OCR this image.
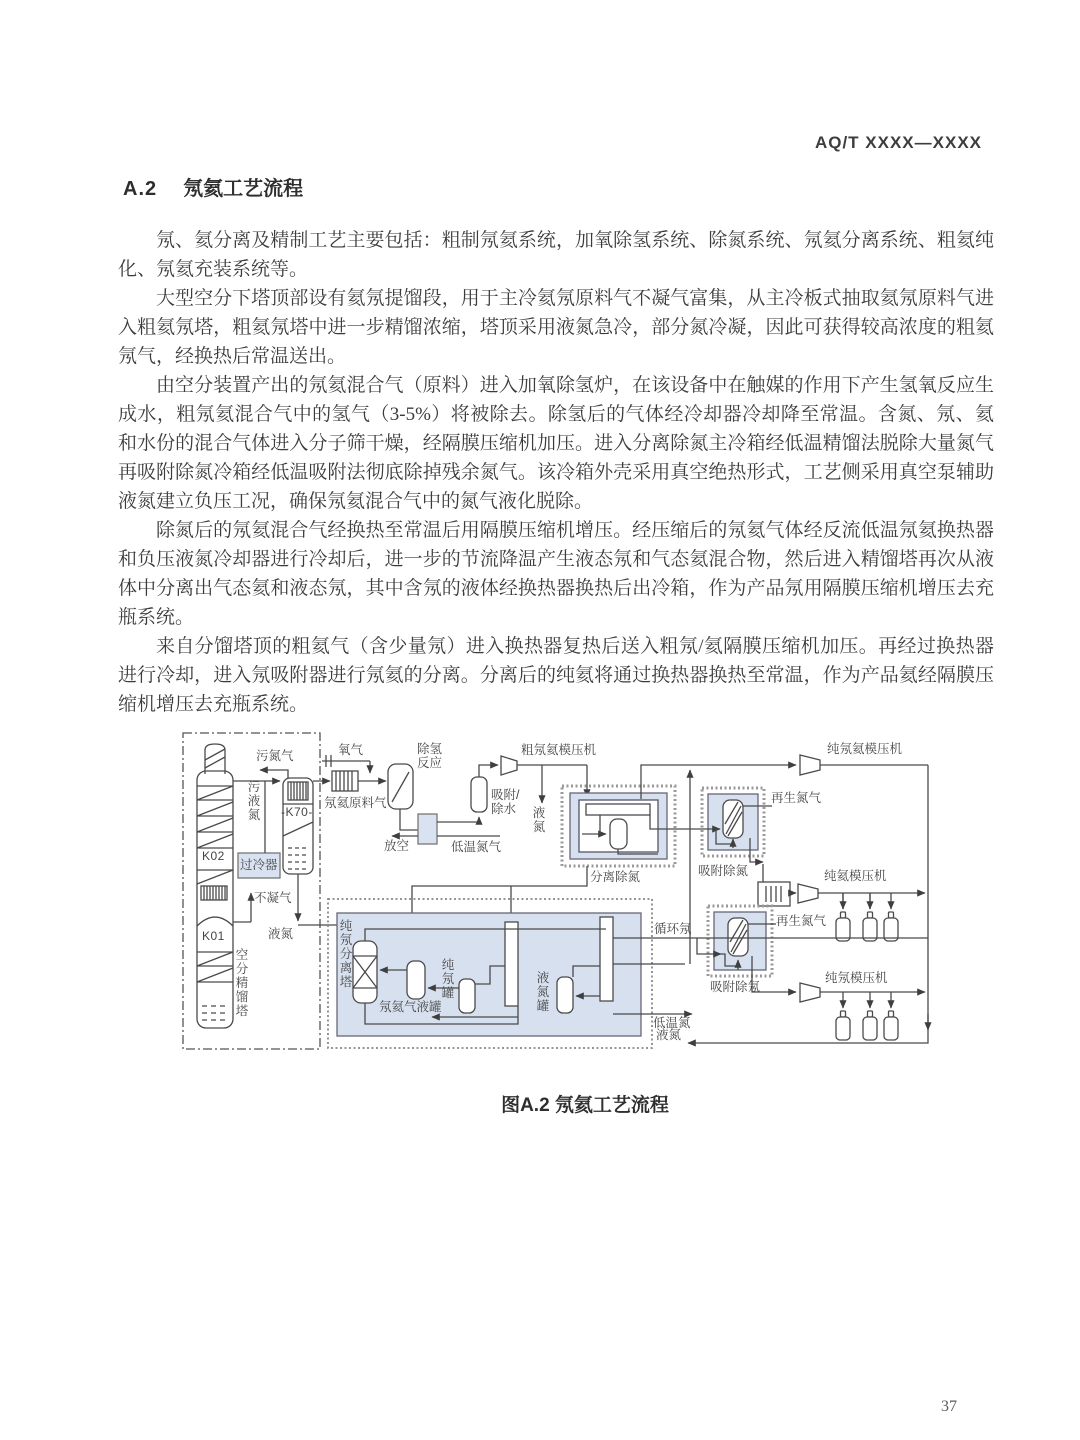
AQ/T XXXX—XXXX
A.2 氖氦工艺流程

氖、氦分离及精制工艺主要包括：粗制氖氦系统，加氧除氢系统、除氮系统、氖氦分离系统、粗氦纯化、氖氦充装系统等。

大型空分下塔顶部设有氦氖提馏段，用于主冷氦氖原料气不凝气富集，从主冷板式抽取氦氖原料气进入粗氦氖塔，粗氦氖塔中进一步精馏浓缩，塔顶采用液氮急冷，部分氮冷凝，因此可获得较高浓度的粗氦氖气，经换热后常温送出。

由空分装置产出的氖氦混合气（原料）进入加氧除氢炉，在该设备中在触媒的作用下产生氢氧反应生成水，粗氖氦混合气中的氢气（3-5%）将被除去。除氢后的气体经冷却器冷却降至常温。含氮、氖、氦和水份的混合气体进入分子筛干燥，经隔膜压缩机加压。进入分离除氮主冷箱经低温精馏法脱除大量氮气再吸附除氮冷箱经低温吸附法彻底除掉残余氮气。该冷箱外壳采用真空绝热形式，工艺侧采用真空泵辅助液氮建立负压工况，确保氖氦混合气中的氮气液化脱除。

除氮后的氖氦混合气经换热至常温后用隔膜压缩机增压。经压缩后的氖氦气体经反流低温氖氦换热器和负压液氮冷却器进行冷却后，进一步的节流降温产生液态氖和气态氦混合物，然后进入精馏塔再次从液体中分离出气态氦和液态氖，其中含氖的液体经换热器换热后出冷箱，作为产品氖用隔膜压缩机增压去充瓶系统。

来自分馏塔顶的粗氦气（含少量氖）进入换热器复热后送入粗氖/氦隔膜压缩机加压。再经过换热器进行冷却，进入氖吸附器进行氖氦的分离。分离后的纯氦将通过换热器换热至常温，作为产品氦经隔膜压缩机增压去充瓶系统。

污氮气
污液氮 -K70-
K02
K01
过冷器
不凝气
液氮
空分精馏塔
氧气
氖氦原料气
除氢反应
放空	低温氮气
吸附/除水
粗氖氦模压机
液氮
分离除氮	吸附除氮
再生氮气
纯氖氦模压机
纯氦模压机
再生氮气
吸附除氖
纯氖模压机
纯氖分离塔
氖氦气液罐
纯氖罐	液氮罐
循环氖
低温氮
液氮
图A.2 氖氦工艺流程
37
